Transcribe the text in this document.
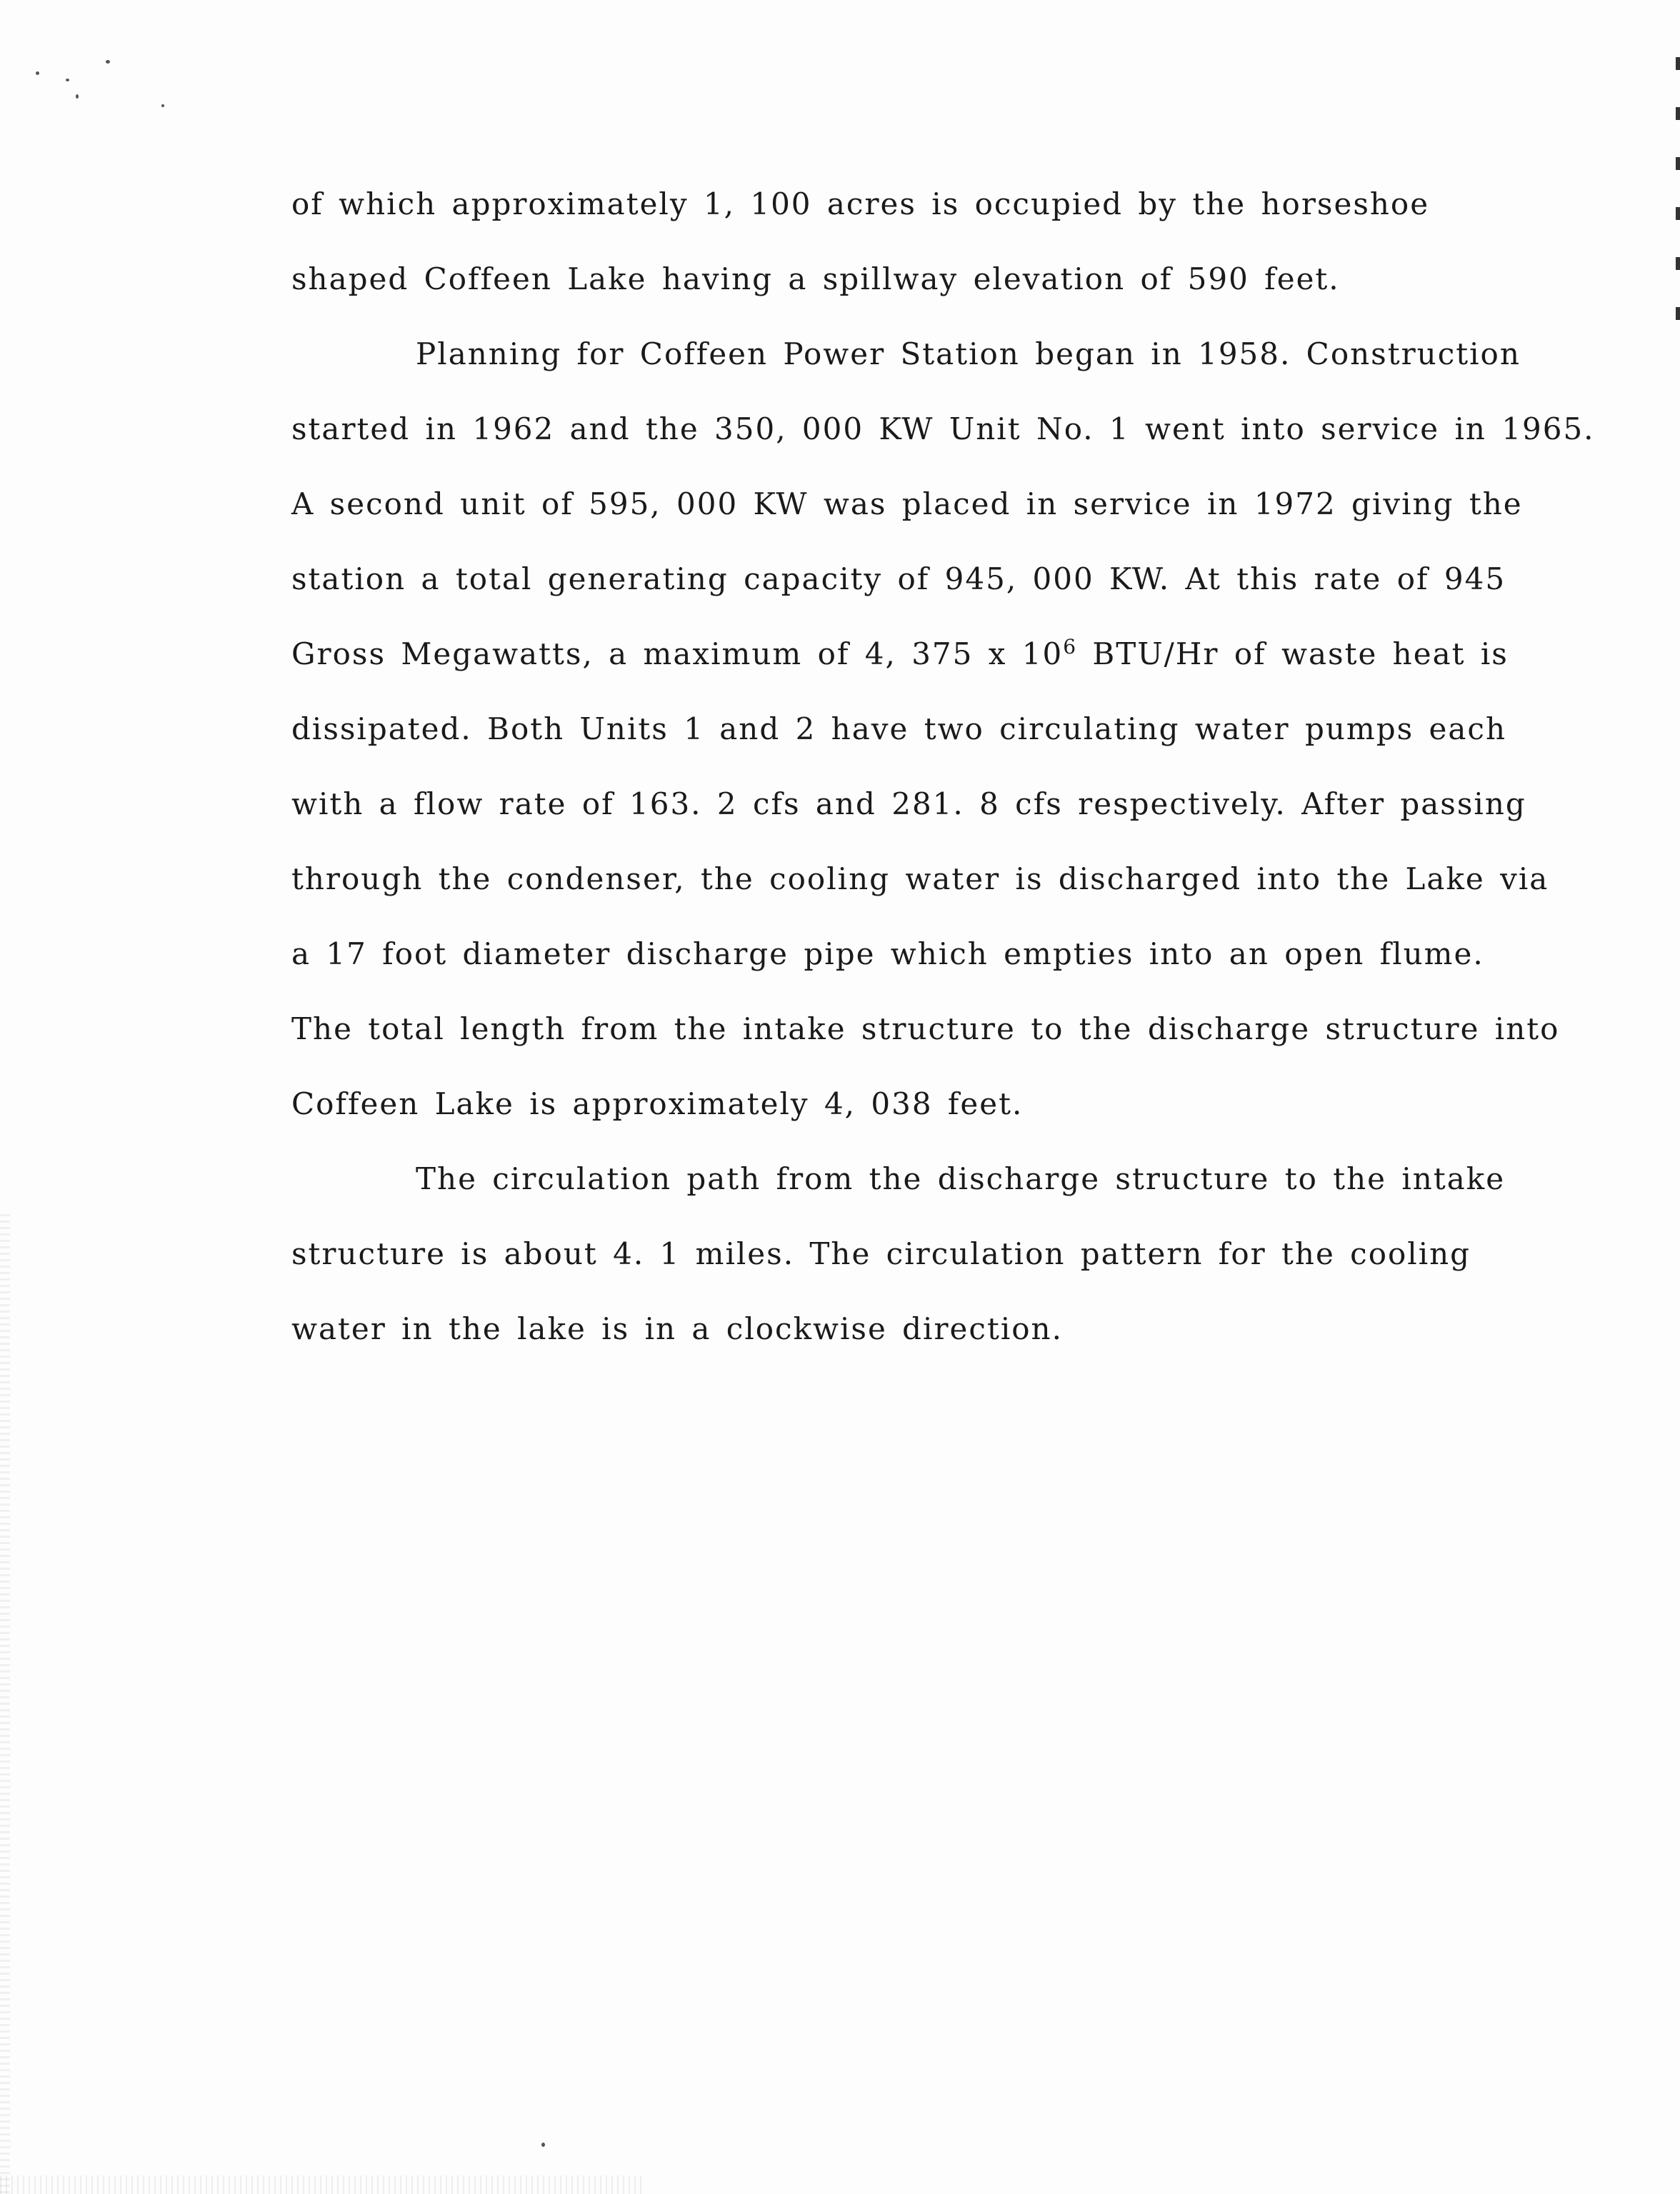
of which approximately 1, 100 acres is occupied by the horseshoe
shaped Coffeen Lake having a spillway elevation of 590 feet.
Planning for Coffeen Power Station began in 1958. Construction
started in 1962 and the 350, 000 KW Unit No. 1 went into service in 1965.
A second unit of 595, 000 KW was placed in service in 1972 giving the
station a total generating capacity of 945, 000 KW. At this rate of 945
Gross Megawatts, a maximum of 4, 375 x $10^6$ BTU/Hr of waste heat is
dissipated. Both Units 1 and 2 have two circulating water pumps each
with a flow rate of 163. 2 cfs and 281. 8 cfs respectively. After passing
through the condenser, the cooling water is discharged into the Lake via
a 17 foot diameter discharge pipe which empties into an open flume.
The total length from the intake structure to the discharge structure into
Coffeen Lake is approximately 4, 038 feet.
The circulation path from the discharge structure to the intake
structure is about 4. 1 miles. The circulation pattern for the cooling
water in the lake is in a clockwise direction.
